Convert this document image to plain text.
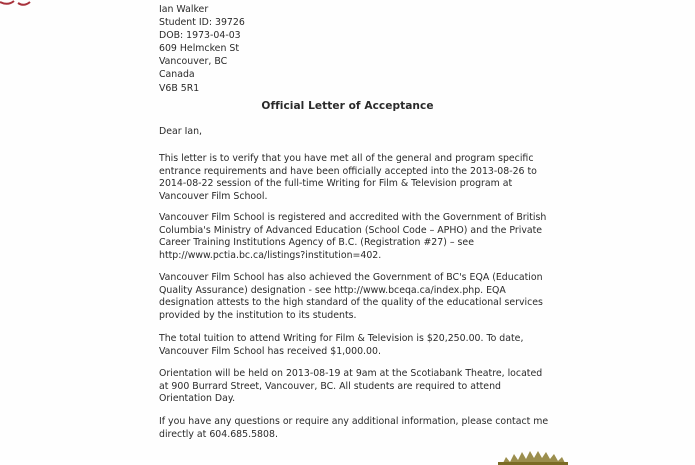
Ian Walker
Student ID: 39726
DOB: 1973-04-03
609 Helmcken St
Vancouver, BC
Canada
V6B 5R1
Official Letter of Acceptance
Dear Ian,
This letter is to verify that you have met all of the general and program specific
entrance requirements and have been officially accepted into the 2013-08-26 to
2014-08-22 session of the full-time Writing for Film & Television program at
Vancouver Film School.
Vancouver Film School is registered and accredited with the Government of British
Columbia's Ministry of Advanced Education (School Code – APHO) and the Private
Career Training Institutions Agency of B.C. (Registration #27) – see
http://www.pctia.bc.ca/listings?institution=402.
Vancouver Film School has also achieved the Government of BC's EQA (Education
Quality Assurance) designation - see http://www.bceqa.ca/index.php. EQA
designation attests to the high standard of the quality of the educational services
provided by the institution to its students.
The total tuition to attend Writing for Film & Television is $20,250.00. To date,
Vancouver Film School has received $1,000.00.
Orientation will be held on 2013-08-19 at 9am at the Scotiabank Theatre, located
at 900 Burrard Street, Vancouver, BC. All students are required to attend
Orientation Day.
If you have any questions or require any additional information, please contact me
directly at 604.685.5808.
